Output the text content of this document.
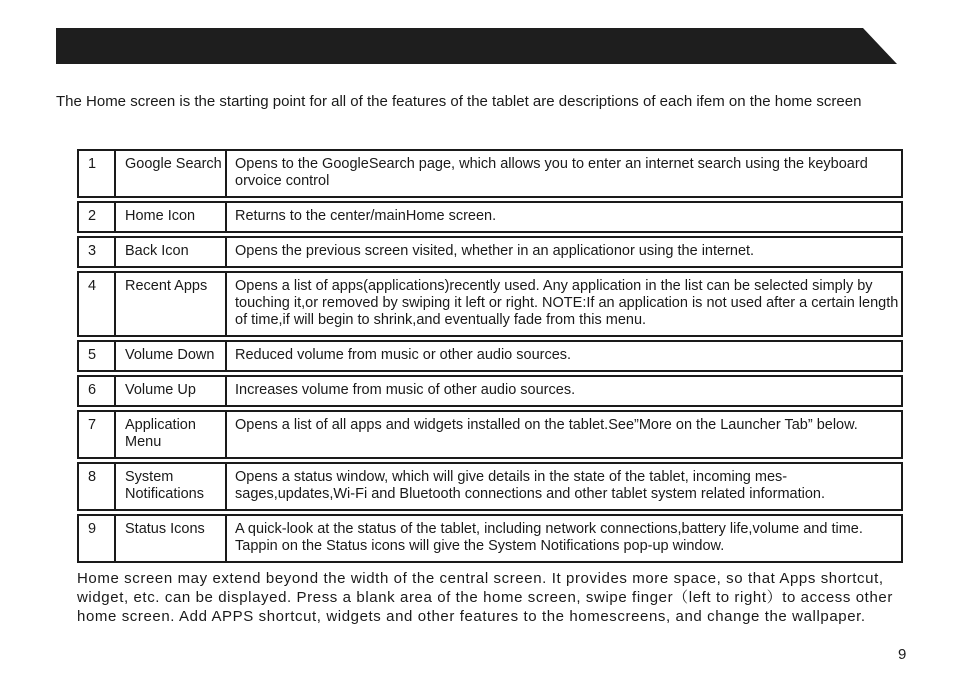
The Home screen is the starting point for all of the features of the tablet are descriptions of each ifem on the home screen

1	Google Search	Opens to the GoogleSearch page, which allows you to enter an internet search using the keyboard orvoice control
2	Home Icon	Returns to the center/mainHome screen.
3	Back Icon	Opens the previous screen visited, whether in an applicationor using the internet.
4	Recent Apps	Opens a list of apps(applications)recently used. Any application in the list can be selected simply by touching it,or removed by swiping it left or right. NOTE:If an application is not used after a certain length of time,if will begin to shrink,and eventually fade from this menu.
5	Volume Down	Reduced volume from music or other audio sources.
6	Volume Up	Increases volume from music of other audio sources.
7	Application Menu	Opens a list of all apps and widgets installed on the tablet.See”More on the Launcher Tab” below.
8	System Notifications	Opens a status window, which will give details in the state of the tablet, incoming mes-sages,updates,Wi-Fi and Bluetooth connections and other tablet system related information.
9	Status Icons	A quick-look at the status of the tablet, including network connections,battery life,volume and time. Tappin on the Status icons will give the System Notifications pop-up window.

Home screen may extend beyond the width of the central screen. It provides more space, so that Apps shortcut, widget, etc. can be displayed. Press a blank area of the home screen, swipe finger（left to right）to access other home screen. Add APPS shortcut, widgets and other features to the homescreens, and change the wallpaper.

9
